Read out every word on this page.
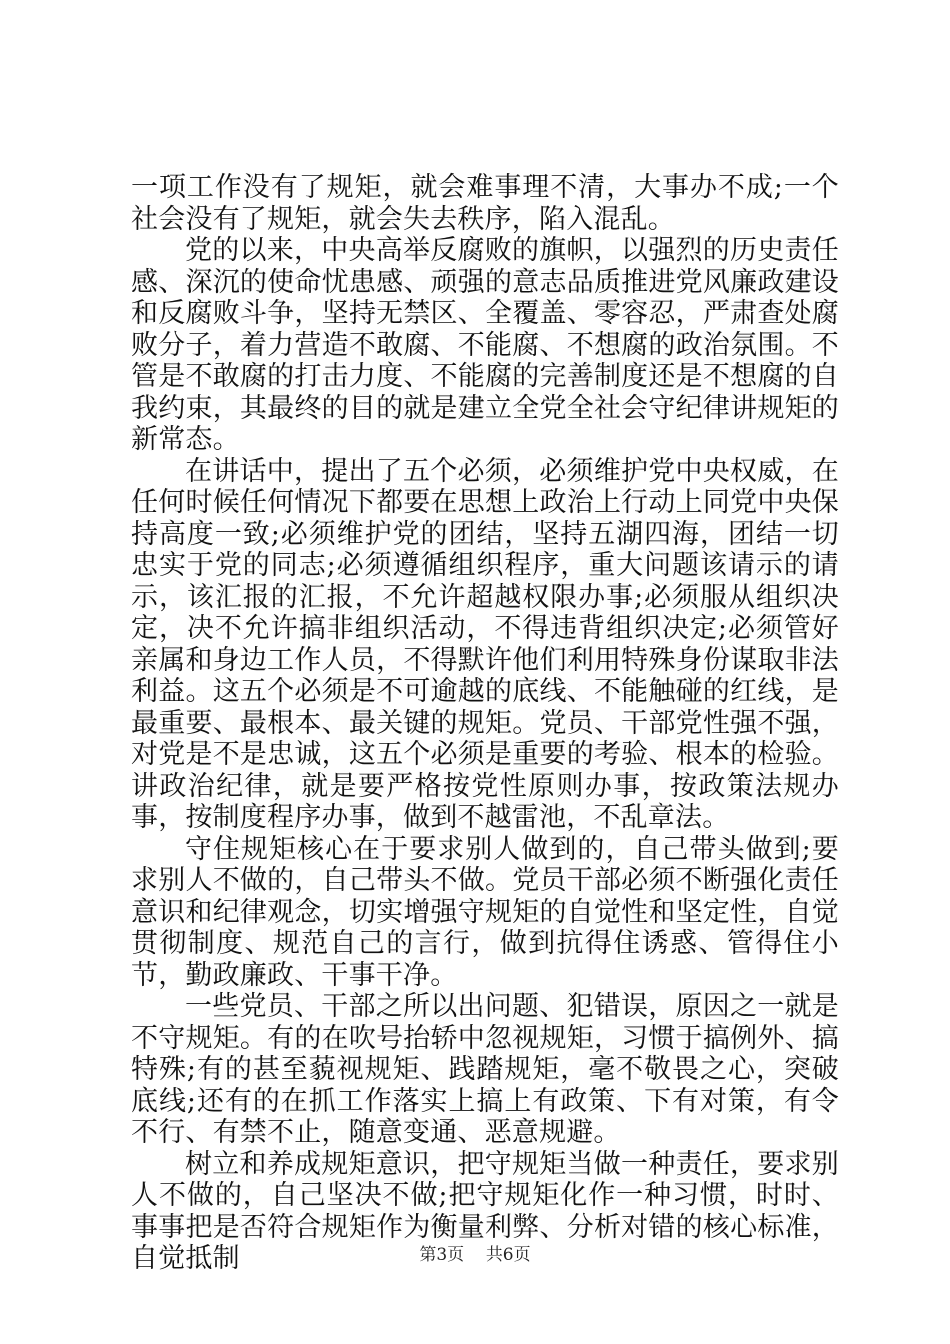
一项工作没有了规矩，就会难事理不清，大事办不成;一个社会没有了规矩，就会失去秩序，陷入混乱。

党的以来，中央高举反腐败的旗帜，以强烈的历史责任感、深沉的使命忧患感、顽强的意志品质推进党风廉政建设和反腐败斗争，坚持无禁区、全覆盖、零容忍，严肃查处腐败分子，着力营造不敢腐、不能腐、不想腐的政治氛围。不管是不敢腐的打击力度、不能腐的完善制度还是不想腐的自我约束，其最终的目的就是建立全党全社会守纪律讲规矩的新常态。

在讲话中，提出了五个必须，必须维护党中央权威，在任何时候任何情况下都要在思想上政治上行动上同党中央保持高度一致;必须维护党的团结，坚持五湖四海，团结一切忠实于党的同志;必须遵循组织程序，重大问题该请示的请示，该汇报的汇报，不允许超越权限办事;必须服从组织决定，决不允许搞非组织活动，不得违背组织决定;必须管好亲属和身边工作人员，不得默许他们利用特殊身份谋取非法利益。这五个必须是不可逾越的底线、不能触碰的红线，是最重要、最根本、最关键的规矩。党员、干部党性强不强，对党是不是忠诚，这五个必须是重要的考验、根本的检验。讲政治纪律，就是要严格按党性原则办事，按政策法规办事，按制度程序办事，做到不越雷池，不乱章法。

守住规矩核心在于要求别人做到的，自己带头做到;要求别人不做的，自己带头不做。党员干部必须不断强化责任意识和纪律观念，切实增强守规矩的自觉性和坚定性，自觉贯彻制度、规范自己的言行，做到抗得住诱惑、管得住小节，勤政廉政、干事干净。

一些党员、干部之所以出问题、犯错误，原因之一就是不守规矩。有的在吹号抬轿中忽视规矩，习惯于搞例外、搞特殊;有的甚至藐视规矩、践踏规矩，毫不敬畏之心，突破底线;还有的在抓工作落实上搞上有政策、下有对策，有令不行、有禁不止，随意变通、恶意规避。

树立和养成规矩意识，把守规矩当做一种责任，要求别人不做的，自己坚决不做;把守规矩化作一种习惯，时时、事事把是否符合规矩作为衡量利弊、分析对错的核心标准，自觉抵制	第3页 共6页
